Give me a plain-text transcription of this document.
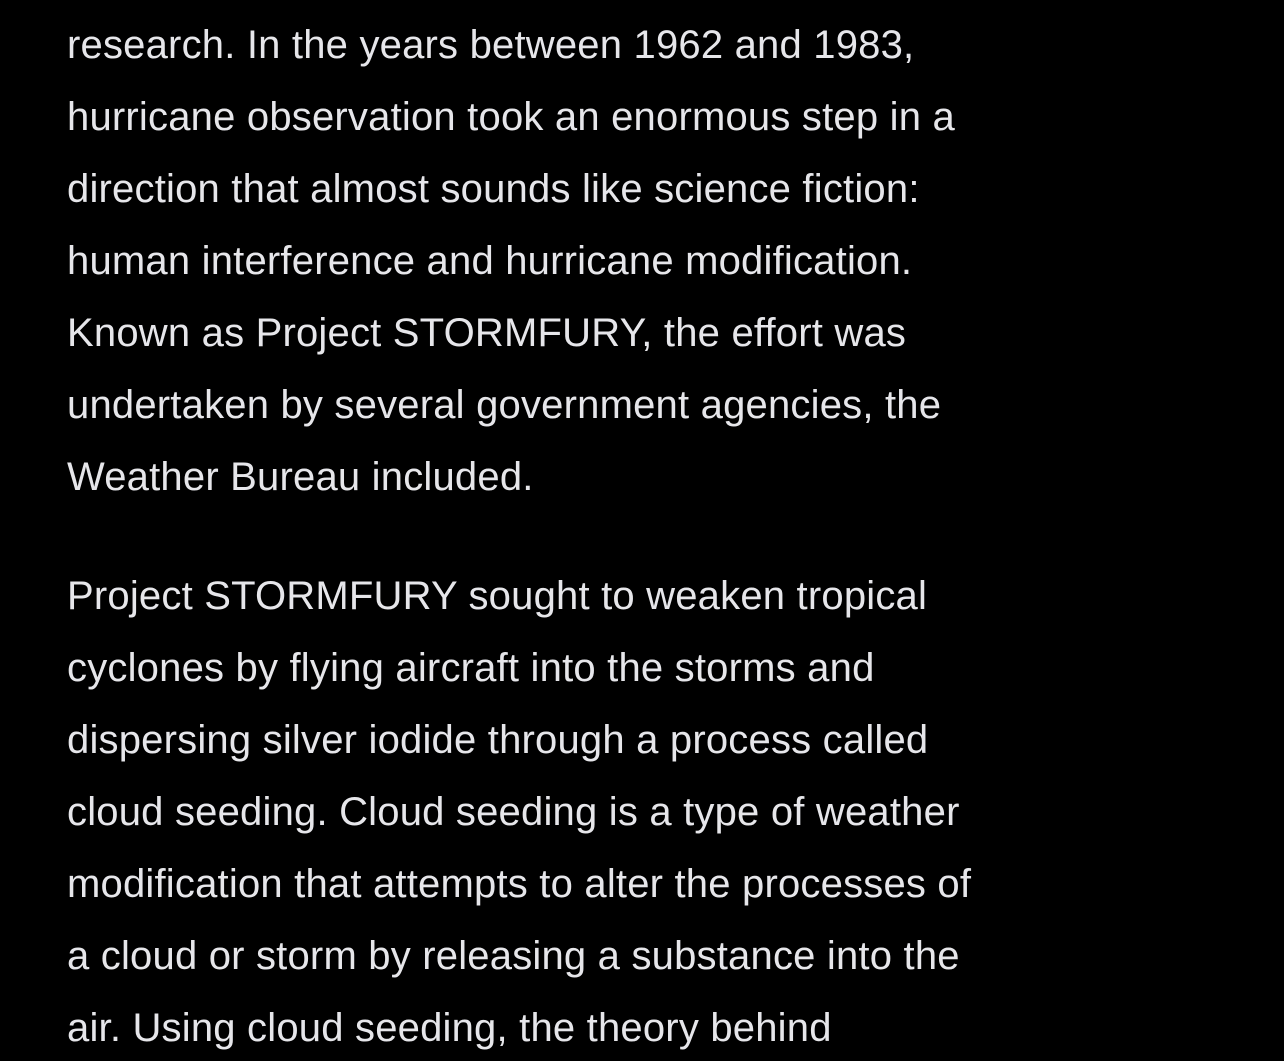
research. In the years between 1962 and 1983,
hurricane observation took an enormous step in a
direction that almost sounds like science fiction:
human interference and hurricane modification.
Known as Project STORMFURY, the effort was
undertaken by several government agencies, the
Weather Bureau included.
Project STORMFURY sought to weaken tropical
cyclones by flying aircraft into the storms and
dispersing silver iodide through a process called
cloud seeding. Cloud seeding is a type of weather
modification that attempts to alter the processes of
a cloud or storm by releasing a substance into the
air. Using cloud seeding, the theory behind
